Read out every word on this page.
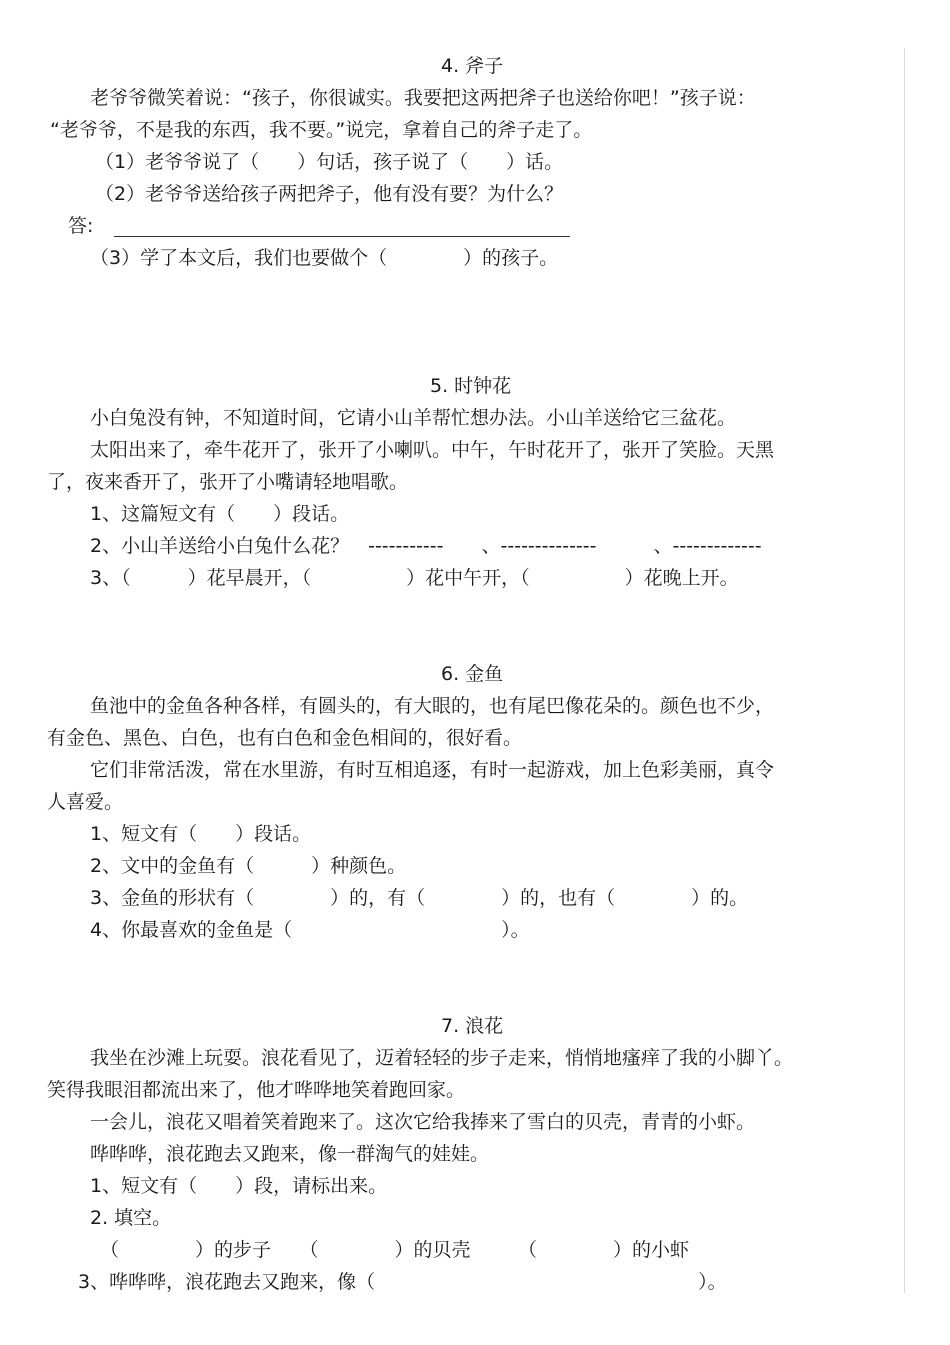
4. 斧子
老爷爷微笑着说：“孩子，你很诚实。我要把这两把斧子也送给你吧！”孩子说：
“老爷爷，不是我的东西，我不要。”说完，拿着自己的斧子走了。
（1）老爷爷说了（　　）句话，孩子说了（　　）话。
（2）老爷爷送给孩子两把斧子，他有没有要？为什么？
答:
（3）学了本文后，我们也要做个（　　　　）的孩子。
5. 时钟花
小白兔没有钟，不知道时间，它请小山羊帮忙想办法。小山羊送给它三盆花。
太阳出来了，牵牛花开了，张开了小喇叭。中午，午时花开了，张开了笑脸。天黑
了，夜来香开了，张开了小嘴请轻地唱歌。
1、这篇短文有（　　）段话。
2、小山羊送给小白兔什么花？　-----------　　、--------------　　　、-------------
3、（　　　）花早晨开，（　　　　　）花中午开，（　　　　　）花晚上开。
6. 金鱼
鱼池中的金鱼各种各样，有圆头的，有大眼的，也有尾巴像花朵的。颜色也不少，
有金色、黑色、白色，也有白色和金色相间的，很好看。
它们非常活泼，常在水里游，有时互相追逐，有时一起游戏，加上色彩美丽，真令
人喜爱。
1、短文有（　　）段话。
2、文中的金鱼有（　　　）种颜色。
3、金鱼的形状有（　　　　）的，有（　　　　）的，也有（　　　　）的。
4、你最喜欢的金鱼是（　　　　　　　　　　　）。
7. 浪花
我坐在沙滩上玩耍。浪花看见了，迈着轻轻的步子走来，悄悄地瘙痒了我的小脚丫。
笑得我眼泪都流出来了，他才哗哗地笑着跑回家。
一会儿，浪花又唱着笑着跑来了。这次它给我捧来了雪白的贝壳，青青的小虾。
哗哗哗，浪花跑去又跑来，像一群淘气的娃娃。
1、短文有（　　）段，请标出来。
2. 填空。
（　　　　）的步子　　（　　　　）的贝壳　　　（　　　　）的小虾
3、哗哗哗，浪花跑去又跑来，像（　　　　　　　　　　　　　　　　　）。
